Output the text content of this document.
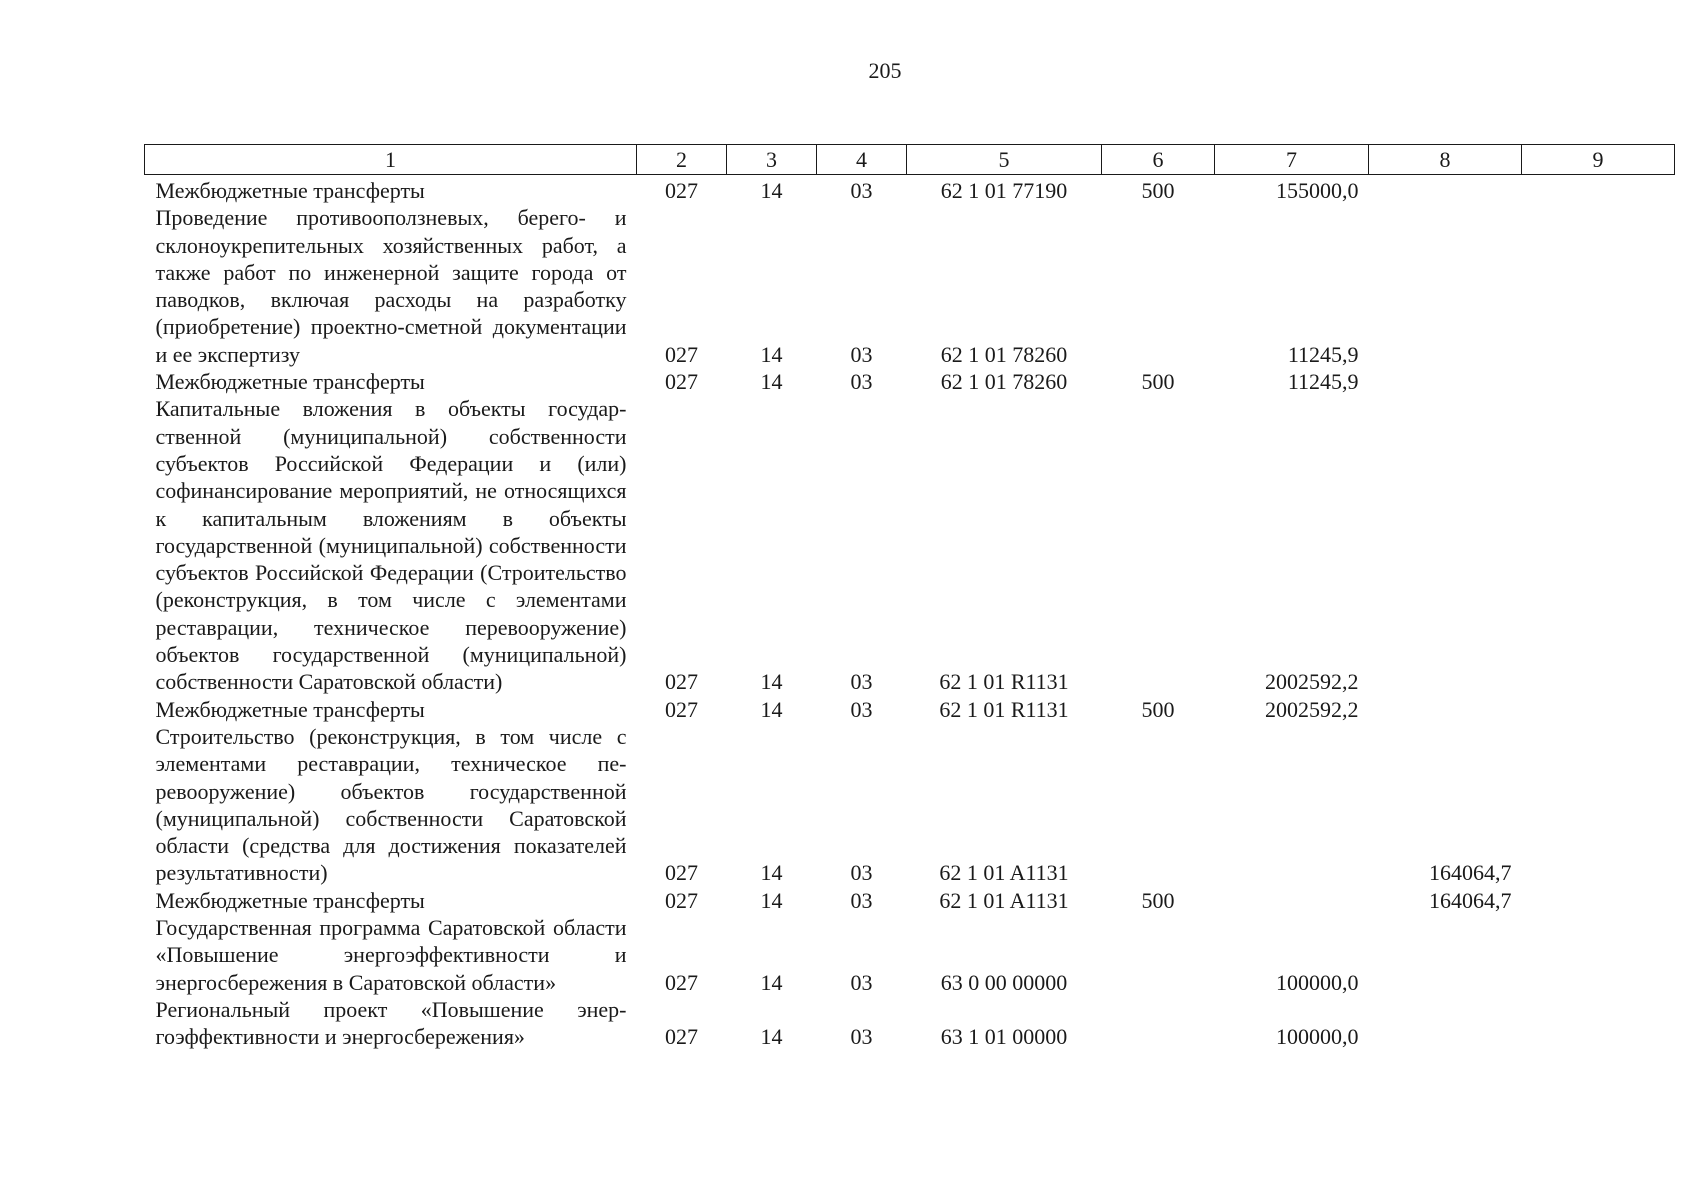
205
1	2	3	4	5	6	7	8	9
Межбюджетные трансферты	027	14	03	62 1 01 77190	500	155000,0		
Проведение противооползневых, берего- и склоноукрепительных хозяйственных работ, а также работ по инженерной защите города от паводков, включая расходы на разработку (приобретение) проектно-сметной документации и ее экспертизу	027	14	03	62 1 01 78260		11245,9		
Межбюджетные трансферты	027	14	03	62 1 01 78260	500	11245,9		
Капитальные вложения в объекты государственной (муниципальной) собственности субъектов Российской Федерации и (или) софинансирование мероприятий, не относящихся к капитальным вложениям в объекты государственной (муниципальной) собственности субъектов Российской Федерации (Строительство (реконструкция, в том числе с элементами реставрации, техническое перевооружение) объектов государственной (муниципальной) собственности Саратовской области)	027	14	03	62 1 01 R1131		2002592,2		
Межбюджетные трансферты	027	14	03	62 1 01 R1131	500	2002592,2		
Строительство (реконструкция, в том числе с элементами реставрации, техническое перевооружение) объектов государственной (муниципальной) собственности Саратовской области (средства для достижения показателей результативности)	027	14	03	62 1 01 A1131			164064,7	
Межбюджетные трансферты	027	14	03	62 1 01 A1131	500		164064,7	
Государственная программа Саратовской области «Повышение энергоэффективности и энергосбережения в Саратовской области»	027	14	03	63 0 00 00000		100000,0		
Региональный проект «Повышение энергоэффективности и энергосбережения»	027	14	03	63 1 01 00000		100000,0		
